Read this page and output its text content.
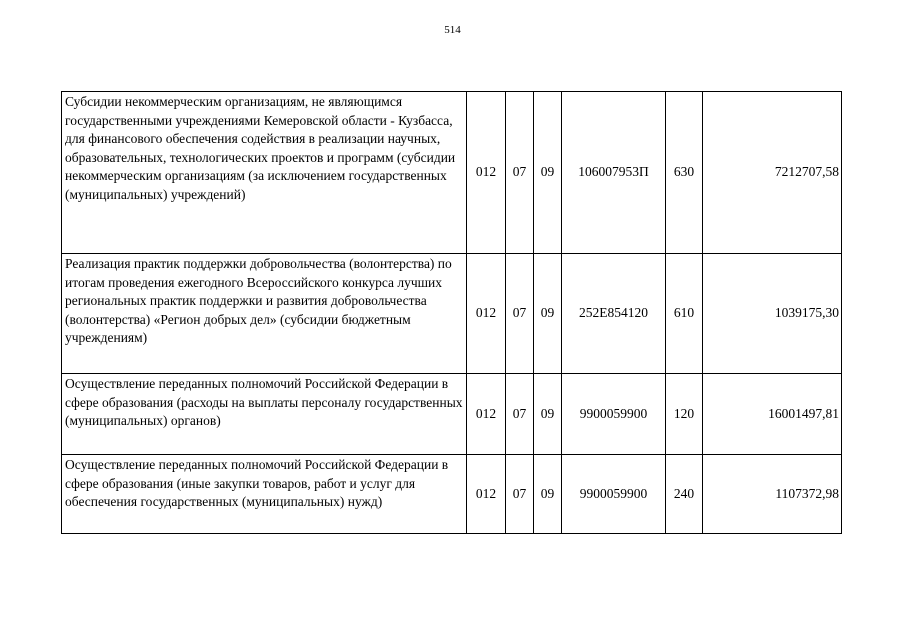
514
Субсидии некоммерческим организациям, не являющимся государственными учреждениями Кемеровской области - Кузбасса, для финансового обеспечения содействия в реализации научных, образовательных, технологических проектов и программ (субсидии некоммерческим организациям (за исключением государственных (муниципальных) учреждений)	012	07	09	106007953П	630	7212707,58

Реализация практик поддержки добровольчества (волонтерства) по итогам проведения ежегодного Всероссийского конкурса лучших региональных практик поддержки и развития добровольчества (волонтерства) «Регион добрых дел» (субсидии бюджетным учреждениям)	012	07	09	252Е854120	610	1039175,30

Осуществление переданных полномочий Российской Федерации в сфере образования (расходы на выплаты персоналу государственных (муниципальных) органов)	012	07	09	9900059900	120	16001497,81

Осуществление переданных полномочий Российской Федерации в сфере образования (иные закупки товаров, работ и услуг для обеспечения государственных (муниципальных) нужд)	012	07	09	9900059900	240	1107372,98
